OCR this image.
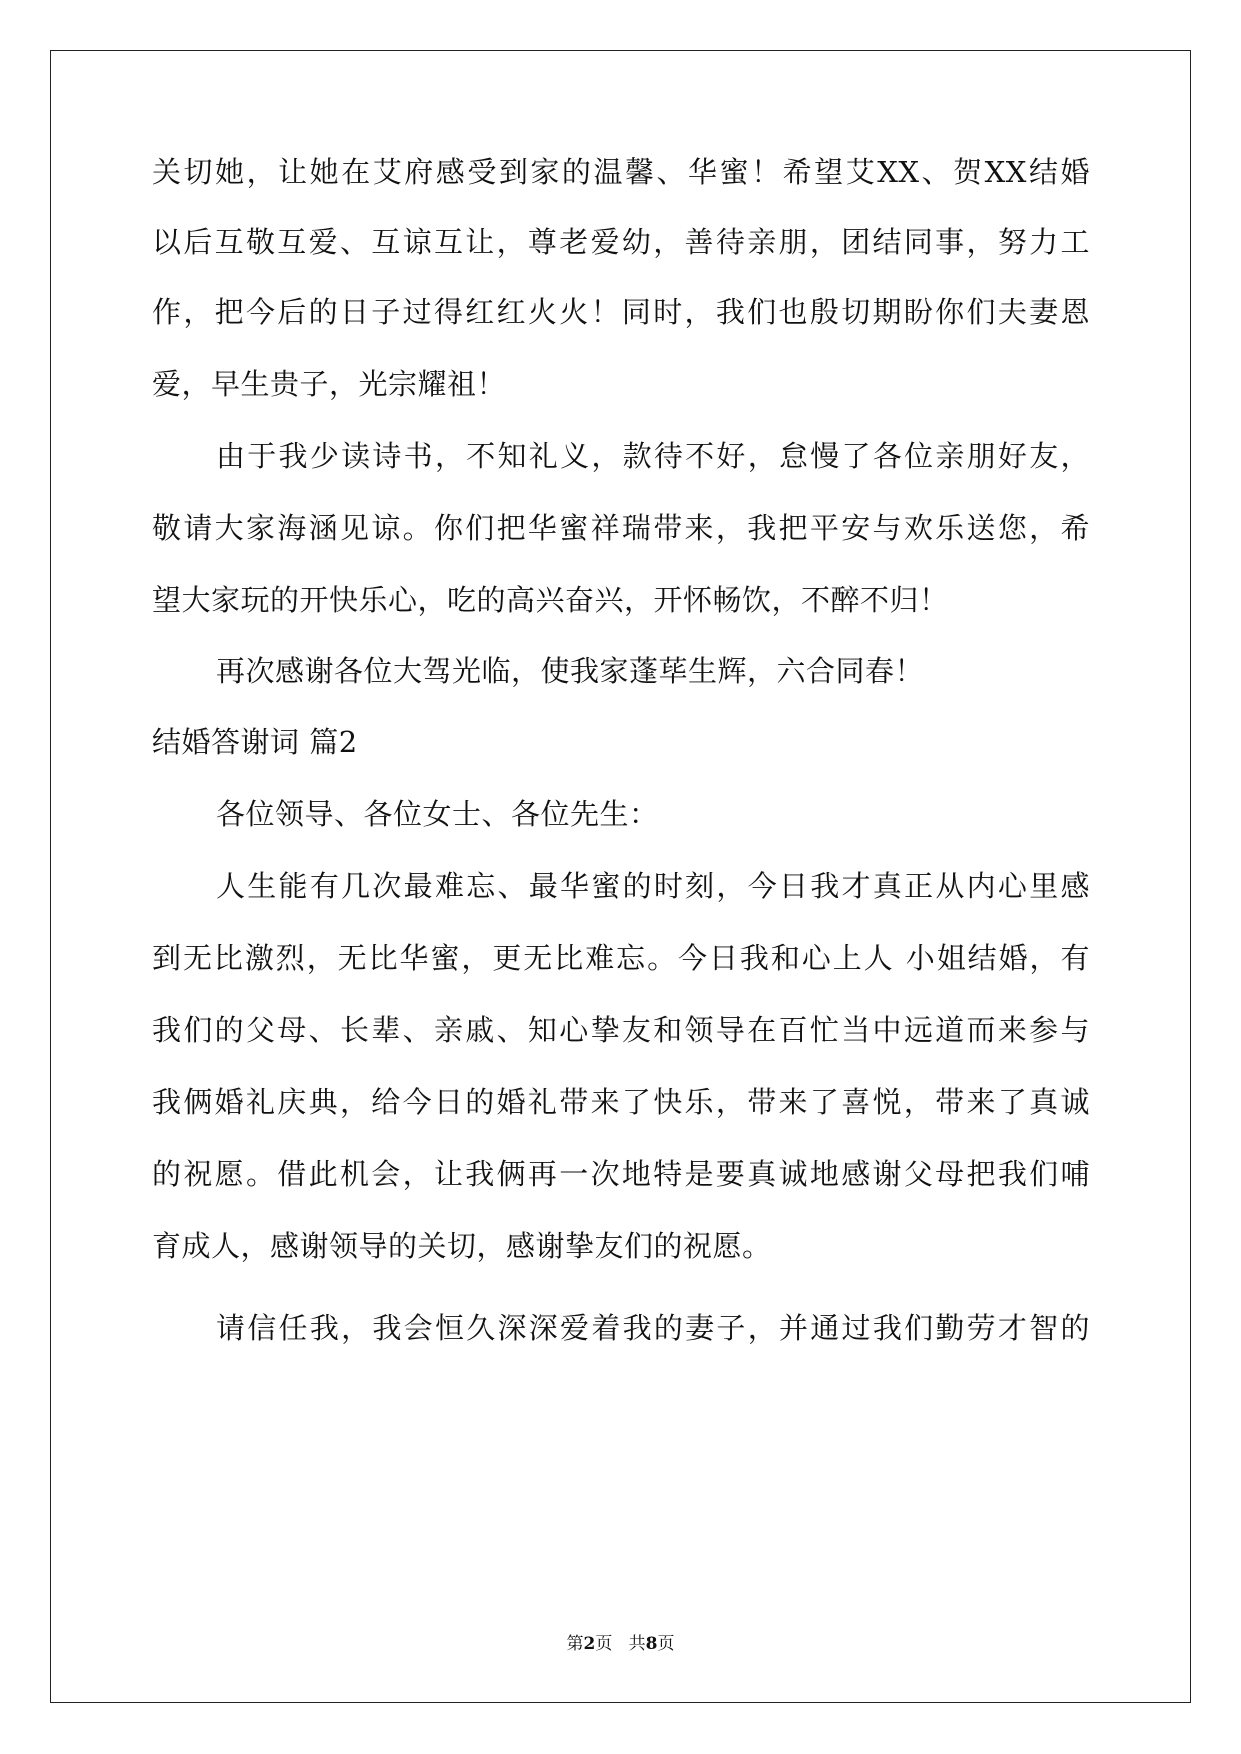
关切她，让她在艾府感受到家的温馨、华蜜！希望艾XX、贺XX结婚
以后互敬互爱、互谅互让，尊老爱幼，善待亲朋，团结同事，努力工
作，把今后的日子过得红红火火！同时，我们也殷切期盼你们夫妻恩
爱，早生贵子，光宗耀祖！
由于我少读诗书，不知礼义，款待不好，怠慢了各位亲朋好友，
敬请大家海涵见谅。你们把华蜜祥瑞带来，我把平安与欢乐送您，希
望大家玩的开快乐心，吃的高兴奋兴，开怀畅饮，不醉不归！
再次感谢各位大驾光临，使我家蓬荜生辉，六合同春！
结婚答谢词 篇2
各位领导、各位女士、各位先生：
人生能有几次最难忘、最华蜜的时刻，今日我才真正从内心里感
到无比激烈，无比华蜜，更无比难忘。今日我和心上人 小姐结婚，有
我们的父母、长辈、亲戚、知心挚友和领导在百忙当中远道而来参与
我俩婚礼庆典，给今日的婚礼带来了快乐，带来了喜悦，带来了真诚
的祝愿。借此机会，让我俩再一次地特是要真诚地感谢父母把我们哺
育成人，感谢领导的关切，感谢挚友们的祝愿。
请信任我，我会恒久深深爱着我的妻子，并通过我们勤劳才智的
第2页 共8页
